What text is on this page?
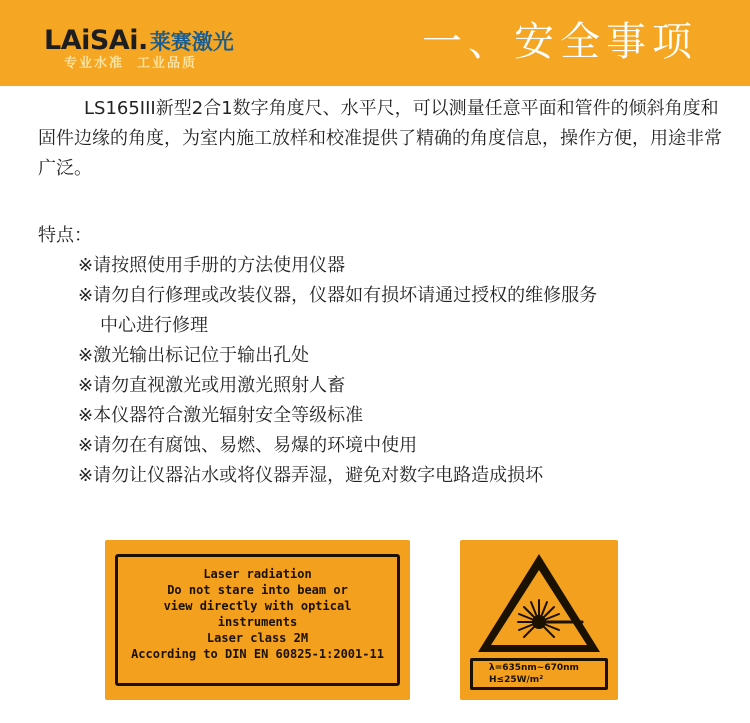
LAiSAi. 莱赛激光
专业水准  工业品质	一、安全事项

LS165III新型2合1数字角度尺、水平尺，可以测量任意平面和管件的倾斜角度和固件边缘的角度，为室内施工放样和校准提供了精确的角度信息，操作方便，用途非常广泛。

特点：
※请按照使用手册的方法使用仪器
※请勿自行修理或改装仪器，仪器如有损坏请通过授权的维修服务
中心进行修理
※激光输出标记位于输出孔处
※请勿直视激光或用激光照射人畜
※本仪器符合激光辐射安全等级标准
※请勿在有腐蚀、易燃、易爆的环境中使用
※请勿让仪器沾水或将仪器弄湿，避免对数字电路造成损坏
Laser radiation
Do not stare into beam or
view directly with optical
instruments
Laser class 2M
According to DIN EN 60825-1:2001-11
λ=635nm~670nm
H≤25W/m²
